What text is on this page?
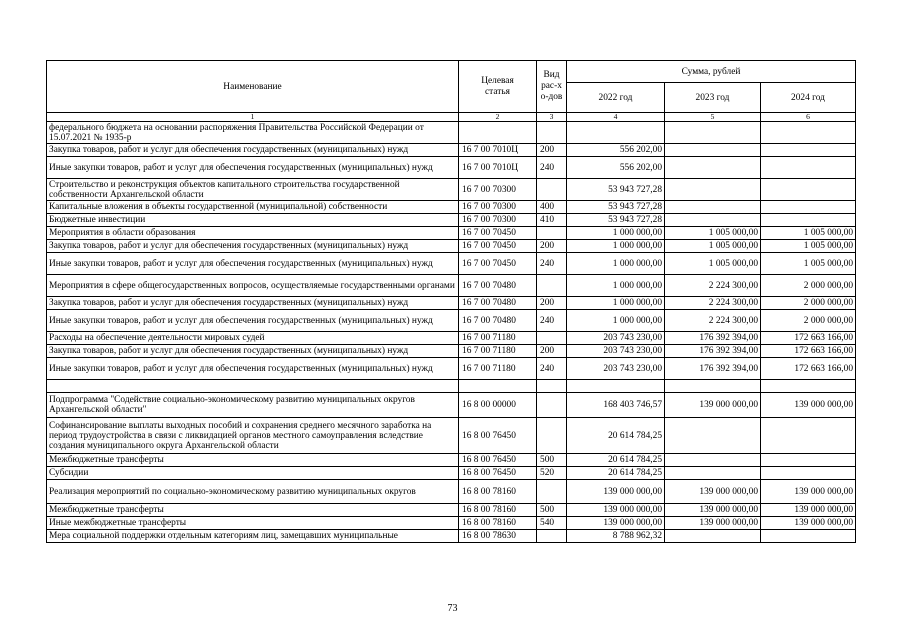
Наименование	Целевая статья	Вид рас-хо-дов	Сумма, рублей		
			2022 год	2023 год	2024 год
1	2	3	4	5	6
федерального бюджета на основании распоряжения Правительства Российской Федерации от 15.07.2021 № 1935-р					
Закупка товаров, работ и услуг для обеспечения государственных (муниципальных) нужд	16 7 00 7010Ц	200	556 202,00		
Иные закупки товаров, работ и услуг для обеспечения государственных (муниципальных) нужд	16 7 00 7010Ц	240	556 202,00		
Строительство и реконструкция объектов капитального строительства государственной собственности Архангельской области	16 7 00 70300		53 943 727,28		
Капитальные вложения в объекты государственной (муниципальной) собственности	16 7 00 70300	400	53 943 727,28		
Бюджетные инвестиции	16 7 00 70300	410	53 943 727,28		
Мероприятия в области образования	16 7 00 70450		1 000 000,00	1 005 000,00	1 005 000,00
Закупка товаров, работ и услуг для обеспечения государственных (муниципальных) нужд	16 7 00 70450	200	1 000 000,00	1 005 000,00	1 005 000,00
Иные закупки товаров, работ и услуг для обеспечения государственных (муниципальных) нужд	16 7 00 70450	240	1 000 000,00	1 005 000,00	1 005 000,00
Мероприятия в сфере общегосударственных вопросов, осуществляемые государственными органами	16 7 00 70480		1 000 000,00	2 224 300,00	2 000 000,00
Закупка товаров, работ и услуг для обеспечения государственных (муниципальных) нужд	16 7 00 70480	200	1 000 000,00	2 224 300,00	2 000 000,00
Иные закупки товаров, работ и услуг для обеспечения государственных (муниципальных) нужд	16 7 00 70480	240	1 000 000,00	2 224 300,00	2 000 000,00
Расходы на обеспечение деятельности мировых судей	16 7 00 71180		203 743 230,00	176 392 394,00	172 663 166,00
Закупка товаров, работ и услуг для обеспечения государственных (муниципальных) нужд	16 7 00 71180	200	203 743 230,00	176 392 394,00	172 663 166,00
Иные закупки товаров, работ и услуг для обеспечения государственных (муниципальных) нужд	16 7 00 71180	240	203 743 230,00	176 392 394,00	172 663 166,00

Подпрограмма "Содействие социально-экономическому развитию муниципальных округов Архангельской области"	16 8 00 00000		168 403 746,57	139 000 000,00	139 000 000,00
Софинансирование выплаты выходных пособий и сохранения среднего месячного заработка на период трудоустройства в связи с ликвидацией органов местного самоуправления вследствие создания муниципального округа Архангельской области	16 8 00 76450		20 614 784,25		
Межбюджетные трансферты	16 8 00 76450	500	20 614 784,25		
Субсидии	16 8 00 76450	520	20 614 784,25		
Реализация мероприятий по социально-экономическому развитию муниципальных округов	16 8 00 78160		139 000 000,00	139 000 000,00	139 000 000,00
Межбюджетные трансферты	16 8 00 78160	500	139 000 000,00	139 000 000,00	139 000 000,00
Иные межбюджетные трансферты	16 8 00 78160	540	139 000 000,00	139 000 000,00	139 000 000,00
Мера социальной поддержки отдельным категориям лиц, замещавших муниципальные	16 8 00 78630		8 788 962,32		
73
